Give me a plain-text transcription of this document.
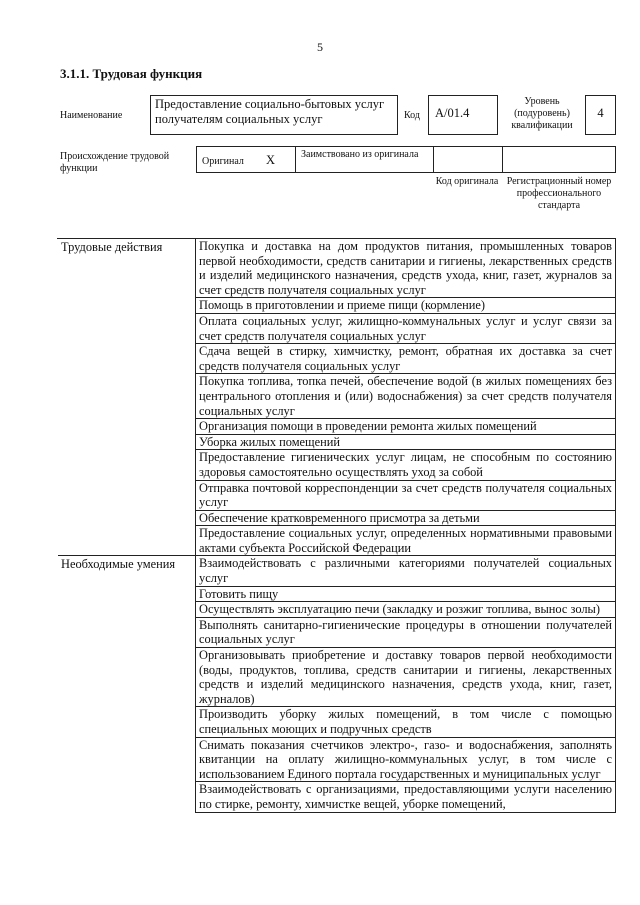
5
3.1.1. Трудовая функция
Наименование
Предоставление социально-бытовых услуг получателям социальных услуг	Код	A/01.4
Уровень (подуровень) квалификации
4
Происхождение трудовой функции
Оригинал X	Заимствовано из оригинала
Код оригинала Регистрационный номер профессионального стандарта
Трудовые действия	Покупка и доставка на дом продуктов питания, промышленных товаров первой необходимости, средств санитарии и гигиены, лекарственных средств и изделий медицинского назначения, средств ухода, книг, газет, журналов за счет средств получателя социальных услуг
	Помощь в приготовлении и приеме пищи (кормление)
	Оплата социальных услуг, жилищно-коммунальных услуг и услуг связи за счет средств получателя социальных услуг
	Сдача вещей в стирку, химчистку, ремонт, обратная их доставка за счет средств получателя социальных услуг
	Покупка топлива, топка печей, обеспечение водой (в жилых помещениях без центрального отопления и (или) водоснабжения) за счет средств получателя социальных услуг
	Организация помощи в проведении ремонта жилых помещений
	Уборка жилых помещений
	Предоставление гигиенических услуг лицам, не способным по состоянию здоровья самостоятельно осуществлять уход за собой
	Отправка почтовой корреспонденции за счет средств получателя социальных услуг
	Обеспечение кратковременного присмотра за детьми
	Предоставление социальных услуг, определенных нормативными правовыми актами субъекта Российской Федерации
Необходимые умения	Взаимодействовать с различными категориями получателей социальных услуг
	Готовить пищу
	Осуществлять эксплуатацию печи (закладку и розжиг топлива, вынос золы)
	Выполнять санитарно-гигиенические процедуры в отношении получателей социальных услуг
	Организовывать приобретение и доставку товаров первой необходимости (воды, продуктов, топлива, средств санитарии и гигиены, лекарственных средств и изделий медицинского назначения, средств ухода, книг, газет, журналов)
	Производить уборку жилых помещений, в том числе с помощью специальных моющих и подручных средств
	Снимать показания счетчиков электро-, газо- и водоснабжения, заполнять квитанции на оплату жилищно-коммунальных услуг, в том числе с использованием Единого портала государственных и муниципальных услуг
	Взаимодействовать с организациями, предоставляющими услуги населению по стирке, ремонту, химчистке вещей, уборке помещений,
